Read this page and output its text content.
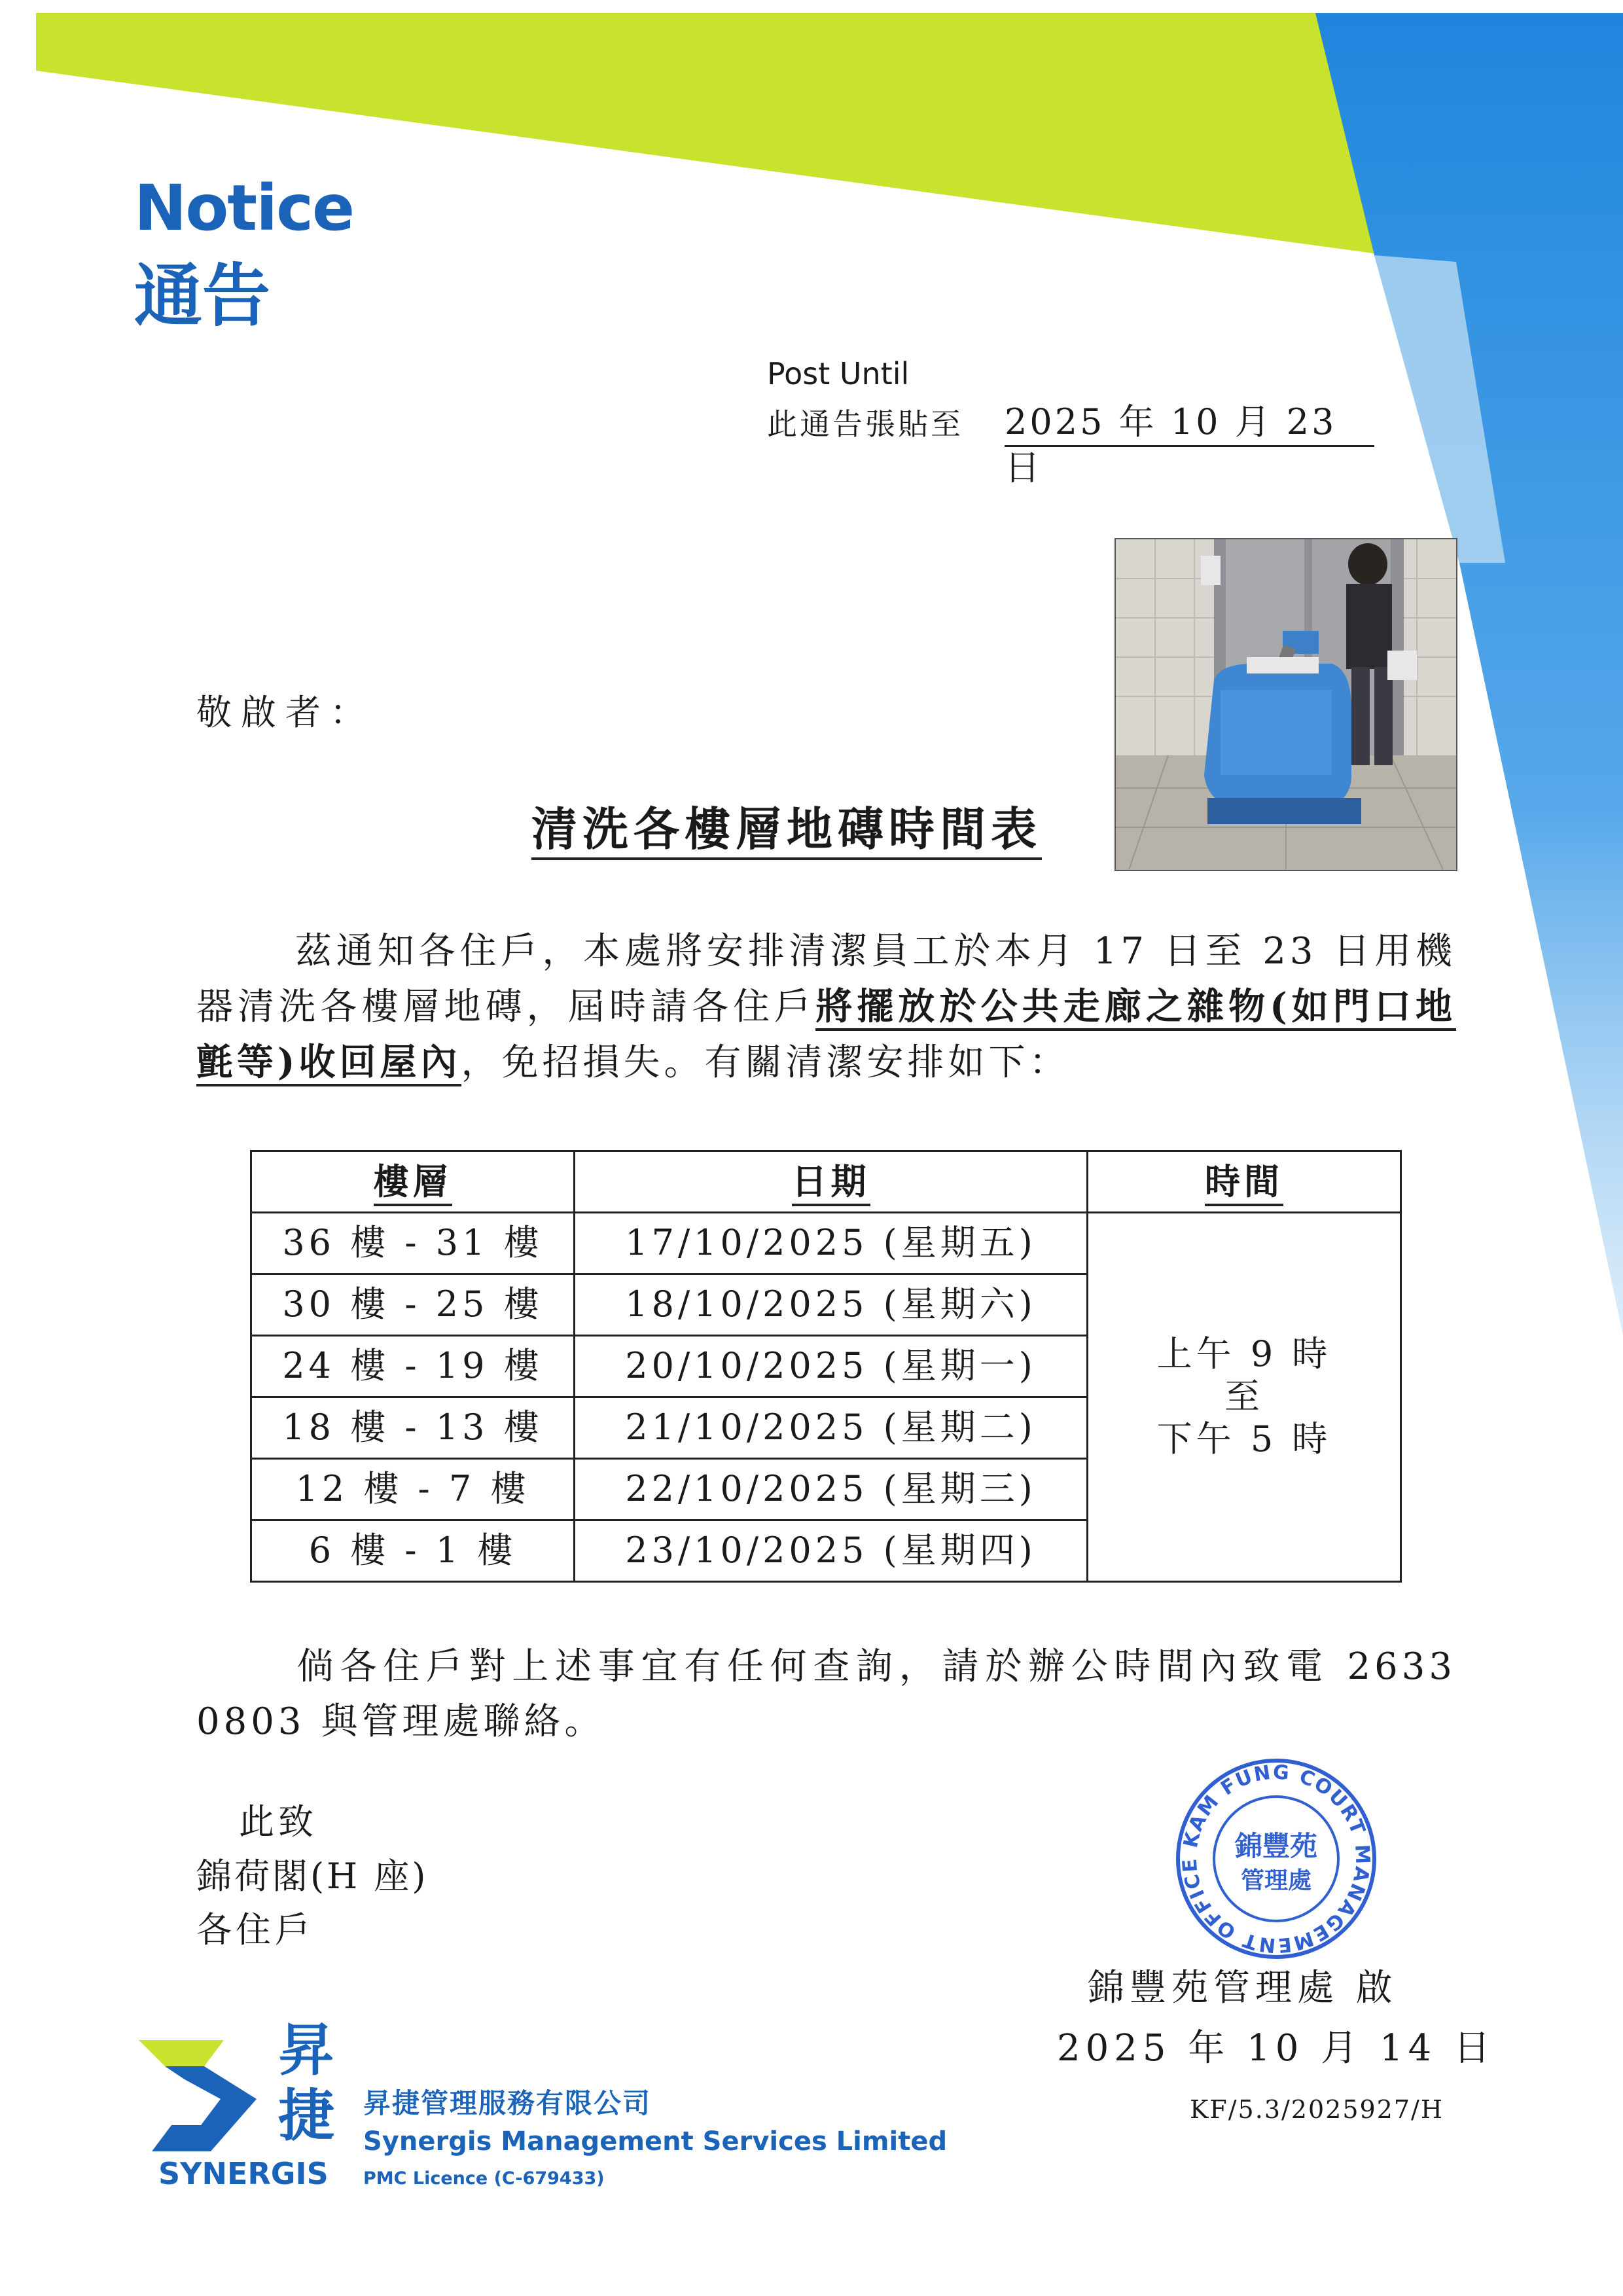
Notice
通告
Post Until
此通告張貼至 2025 年 10 月 23 日
敬啟者：
清洗各樓層地磚時間表
茲通知各住戶，本處將安排清潔員工於本月 17 日至 23 日用機器清洗各樓層地磚，屆時請各住戶將擺放於公共走廊之雜物(如門口地氈等)收回屋內，免招損失。有關清潔安排如下：
樓層	日期	時間
36 樓 - 31 樓	17/10/2025 (星期五)	上午 9 時
至
下午 5 時

30 樓 - 25 樓	18/10/2025 (星期六)	
24 樓 - 19 樓	20/10/2025 (星期一)	
18 樓 - 13 樓	21/10/2025 (星期二)	
12 樓 - 7 樓	22/10/2025 (星期三)	
6 樓 - 1 樓	23/10/2025 (星期四)	
倘各住戶對上述事宜有任何查詢，請於辦公時間內致電 2633 0803 與管理處聯絡。
此致
錦荷閣(H 座)
各住戶
KAM FUNG COURT MANAGEMENT OFFICE
錦豐苑
管理處
錦豐苑管理處 啟
2025 年 10 月 14 日
KF/5.3/2025927/H
昇
捷
SYNERGIS
昇捷管理服務有限公司
Synergis Management Services Limited
PMC Licence (C-679433)
